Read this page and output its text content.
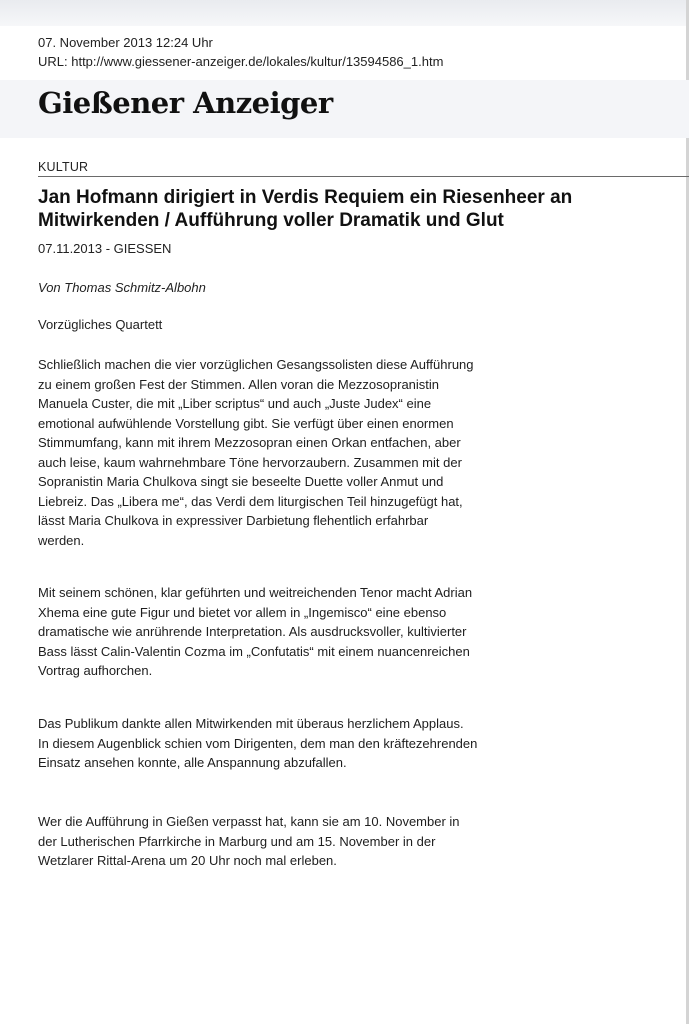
07. November 2013 12:24 Uhr
URL: http://www.giessener-anzeiger.de/lokales/kultur/13594586_1.htm
Gießener Anzeiger
KULTUR
Jan Hofmann dirigiert in Verdis Requiem ein Riesenheer an Mitwirkenden / Aufführung voller Dramatik und Glut
07.11.2013 - GIESSEN
Von Thomas Schmitz-Albohn
Vorzügliches Quartett

Schließlich machen die vier vorzüglichen Gesangssolisten diese Aufführung zu einem großen Fest der Stimmen. Allen voran die Mezzosopranistin Manuela Custer, die mit „Liber scriptus“ und auch „Juste Judex“ eine emotional aufwühlende Vorstellung gibt. Sie verfügt über einen enormen Stimmumfang, kann mit ihrem Mezzosopran einen Orkan entfachen, aber auch leise, kaum wahrnehmbare Töne hervorzaubern. Zusammen mit der Sopranistin Maria Chulkova singt sie beseelte Duette voller Anmut und Liebreiz. Das „Libera me“, das Verdi dem liturgischen Teil hinzugefügt hat, lässt Maria Chulkova in expressiver Darbietung flehentlich erfahrbar werden.

Mit seinem schönen, klar geführten und weitreichenden Tenor macht Adrian Xhema eine gute Figur und bietet vor allem in „Ingemisco“ eine ebenso dramatische wie anrührende Interpretation. Als ausdrucksvoller, kultivierter Bass lässt Calin-Valentin Cozma im „Confutatis“ mit einem nuancenreichen Vortrag aufhorchen.

Das Publikum dankte allen Mitwirkenden mit überaus herzlichem Applaus. In diesem Augenblick schien vom Dirigenten, dem man den kräftezehrenden Einsatz ansehen konnte, alle Anspannung abzufallen.

Wer die Aufführung in Gießen verpasst hat, kann sie am 10. November in der Lutherischen Pfarrkirche in Marburg und am 15. November in der Wetzlarer Rittal-Arena um 20 Uhr noch mal erleben.
